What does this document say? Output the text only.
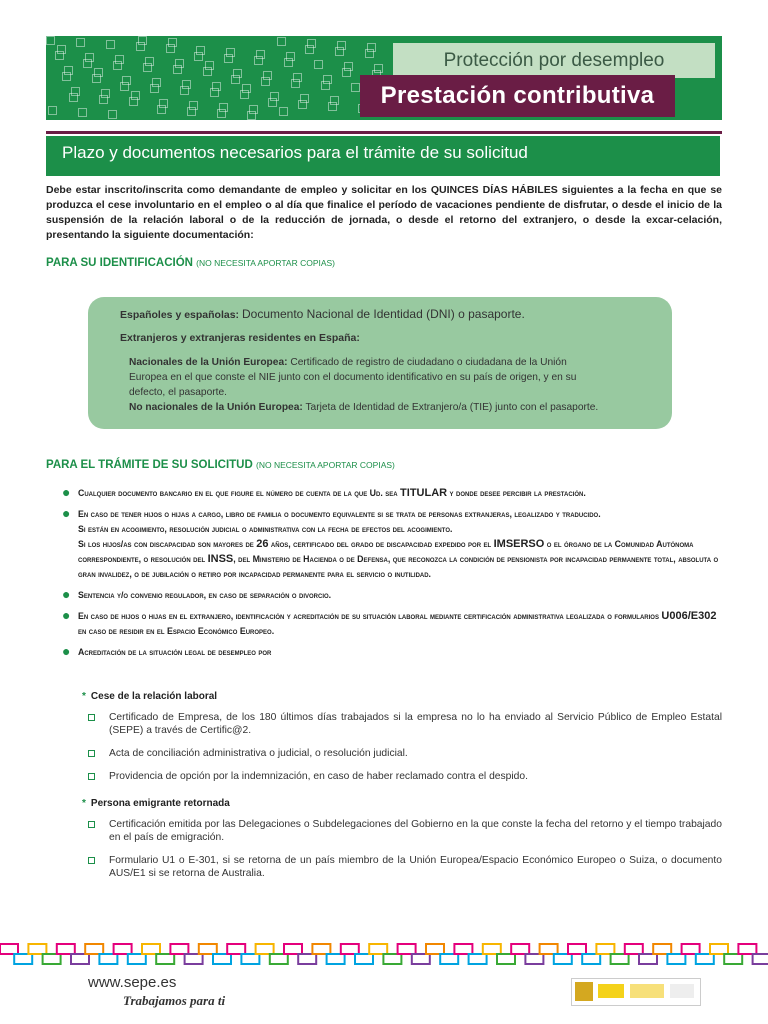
Protección por desempleo
Prestación contributiva
Plazo y documentos necesarios para el trámite de su solicitud
Debe estar inscrito/inscrita como demandante de empleo y solicitar en los QUINCES DÍAS HÁBILES siguientes a la fecha en que se produzca el cese involuntario en el empleo o al día que finalice el período de vacaciones pendiente de disfrutar, o desde el inicio de la suspensión de la relación laboral o de la reducción de jornada, o desde el retorno del extranjero, o desde la excar-celación, presentando la siguiente documentación:
PARA SU IDENTIFICACIÓN (NO NECESITA APORTAR COPIAS)
Españoles y españolas: Documento Nacional de Identidad (DNI) o pasaporte.
Extranjeros y extranjeras residentes en España:
Nacionales de la Unión Europea: Certificado de registro de ciudadano o ciudadana de la Unión
Europea en el que conste el NIE junto con el documento identificativo en su país de origen, y en su
defecto, el pasaporte.
No nacionales de la Unión Europea: Tarjeta de Identidad de Extranjero/a (TIE) junto con el pasaporte.
PARA EL TRÁMITE DE SU SOLICITUD (NO NECESITA APORTAR COPIAS)
● Cualquier documento bancario en el que figure el número de cuenta de la que Ud. sea TITULAR y donde desee percibir la prestación.
● En caso de tener hijos o hijas a cargo, libro de familia o documento equivalente si se trata de personas extranjeras, legalizado y traducido.
Si están en acogimiento, resolución judicial o administrativa con la fecha de efectos del acogimiento.
Si los hijos/as con discapacidad son mayores de 26 años, certificado del grado de discapacidad expedido por el IMSERSO o el órgano de la Comunidad Autónoma correspondiente, o resolución del INSS, del Ministerio de Hacienda o de Defensa, que reconozca la condición de pensionista por incapacidad permanente total, absoluta o gran invalidez, o de jubilación o retiro por incapacidad permanente para el servicio o inutilidad.
● Sentencia y/o convenio regulador, en caso de separación o divorcio.
● En caso de hijos o hijas en el extranjero, identificación y acreditación de su situación laboral mediante certificación administrativa legalizada o formularios U006/E302 en caso de residir en el Espacio Económico Europeo.
● Acreditación de la situación legal de desempleo por
* Cese de la relación laboral
Certificado de Empresa, de los 180 últimos días trabajados si la empresa no lo ha enviado al Servicio Público de Empleo Estatal (SEPE) a través de Certific@2.
Acta de conciliación administrativa o judicial, o resolución judicial.
Providencia de opción por la indemnización, en caso de haber reclamado contra el despido.
* Persona emigrante retornada
Certificación emitida por las Delegaciones o Subdelegaciones del Gobierno en la que conste la fecha del retorno y el tiempo trabajado en el país de emigración.
Formulario U1 o E-301, si se retorna de un país miembro de la Unión Europea/Espacio Económico Europeo o Suiza, o documento AUS/E1 si se retorna de Australia.
www.sepe.es
Trabajamos para ti
